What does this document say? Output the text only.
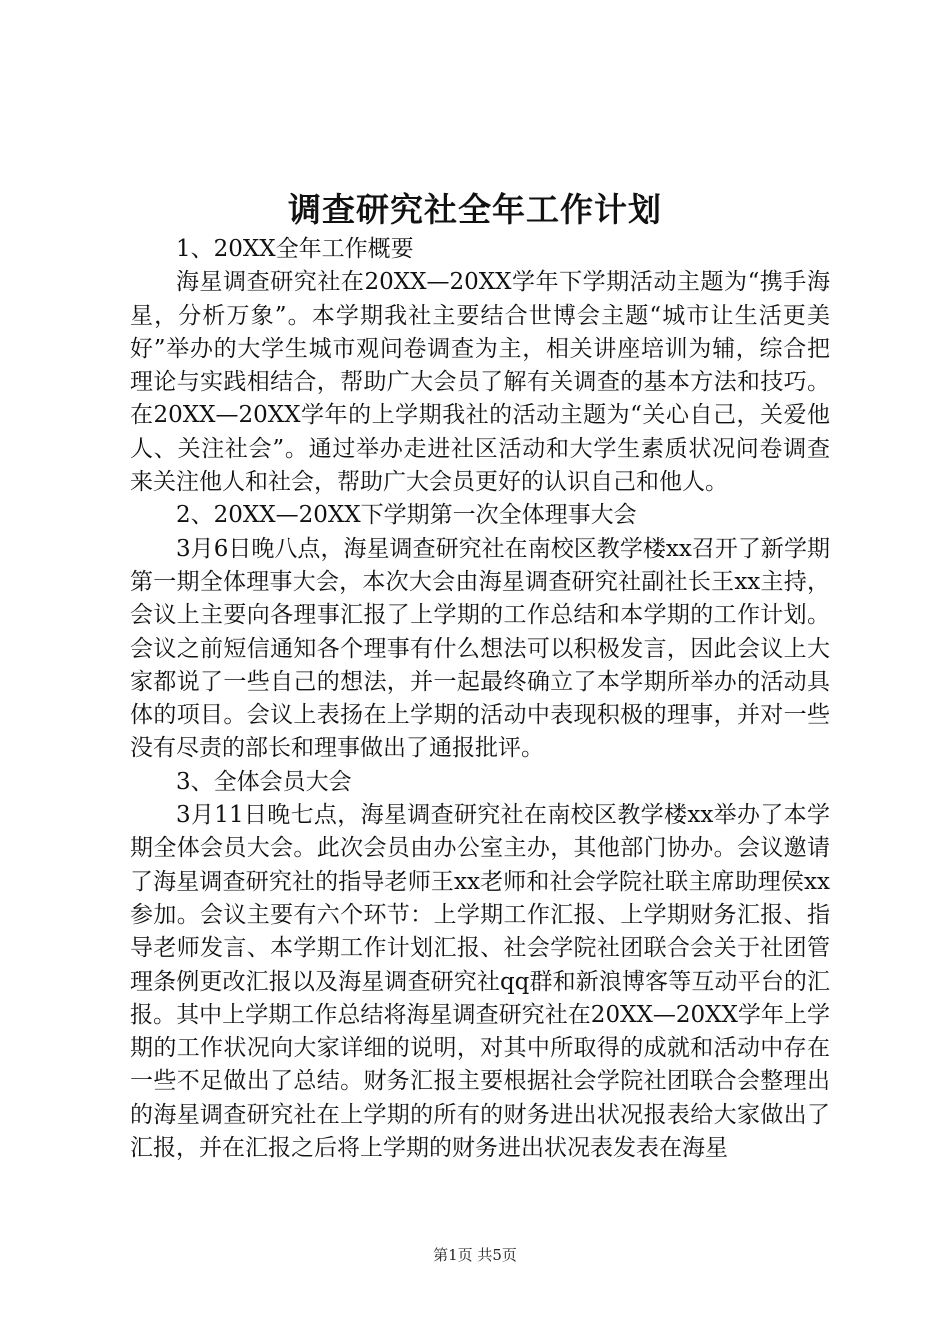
调查研究社全年工作计划

1、20XX全年工作概要

海星调查研究社在20XX—20XX学年下学期活动主题为“携手海星，分析万象”。本学期我社主要结合世博会主题“城市让生活更美好”举办的大学生城市观问卷调查为主，相关讲座培训为辅，综合把理论与实践相结合，帮助广大会员了解有关调查的基本方法和技巧。在20XX—20XX学年的上学期我社的活动主题为“关心自己，关爱他人、关注社会”。通过举办走进社区活动和大学生素质状况问卷调查来关注他人和社会，帮助广大会员更好的认识自己和他人。

2、20XX—20XX下学期第一次全体理事大会

3月6日晚八点，海星调查研究社在南校区教学楼xx召开了新学期第一期全体理事大会，本次大会由海星调查研究社副社长王xx主持，会议上主要向各理事汇报了上学期的工作总结和本学期的工作计划。会议之前短信通知各个理事有什么想法可以积极发言，因此会议上大家都说了一些自己的想法，并一起最终确立了本学期所举办的活动具体的项目。会议上表扬在上学期的活动中表现积极的理事，并对一些没有尽责的部长和理事做出了通报批评。

3、全体会员大会

3月11日晚七点，海星调查研究社在南校区教学楼xx举办了本学期全体会员大会。此次会员由办公室主办，其他部门协办。会议邀请了海星调查研究社的指导老师王xx老师和社会学院社联主席助理侯xx参加。会议主要有六个环节：上学期工作汇报、上学期财务汇报、指导老师发言、本学期工作计划汇报、社会学院社团联合会关于社团管理条例更改汇报以及海星调查研究社qq群和新浪博客等互动平台的汇报。其中上学期工作总结将海星调查研究社在20XX—20XX学年上学期的工作状况向大家详细的说明，对其中所取得的成就和活动中存在一些不足做出了总结。财务汇报主要根据社会学院社团联合会整理出的海星调查研究社在上学期的所有的财务进出状况报表给大家做出了汇报，并在汇报之后将上学期的财务进出状况表发表在海星

第1页 共5页
